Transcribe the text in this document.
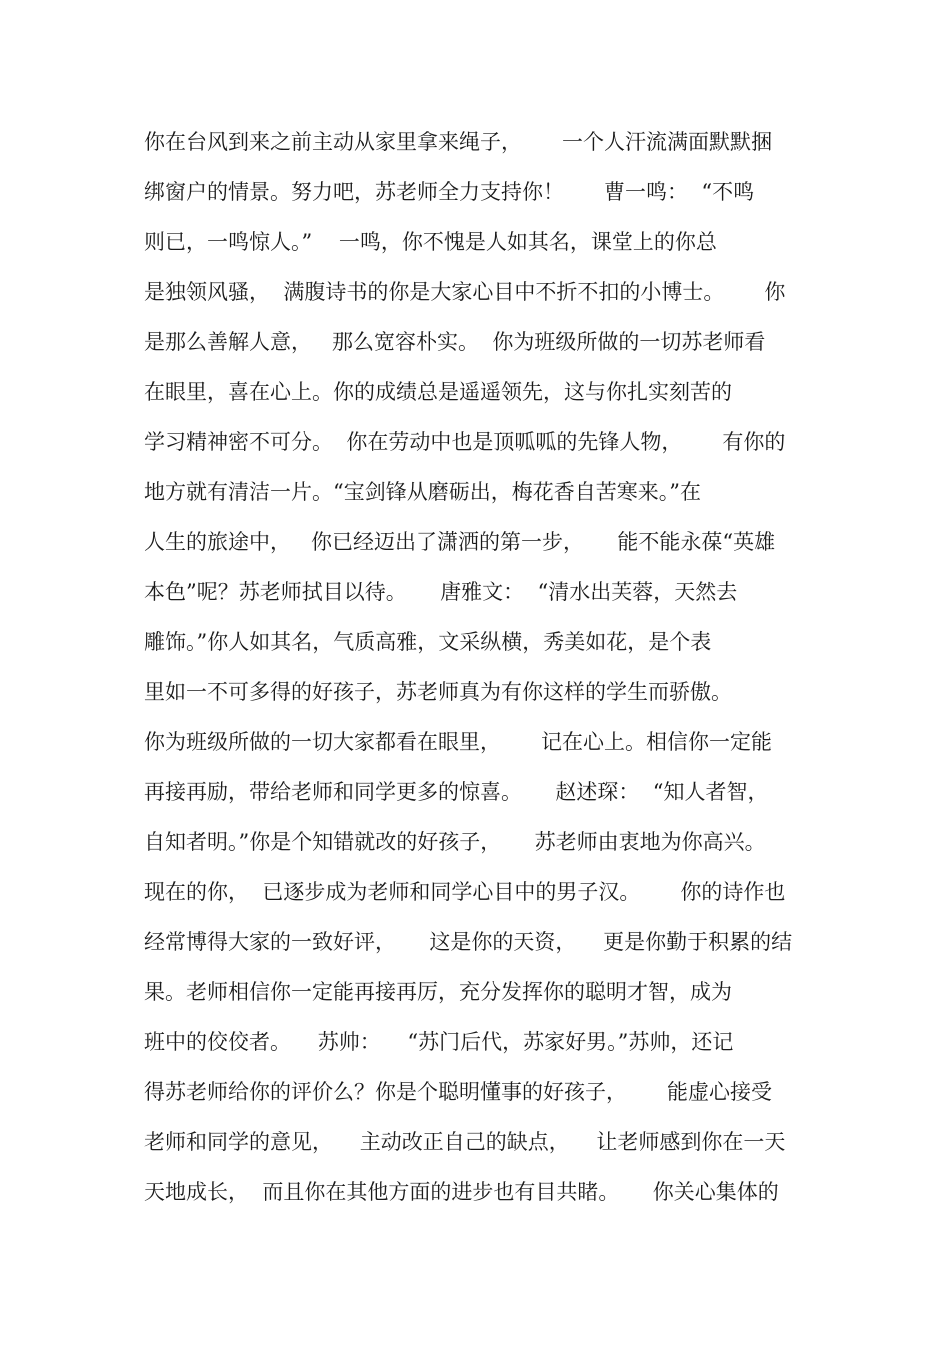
你在台风到来之前主动从家里拿来绳子，      一个人汗流满面默默捆
绑窗户的情景。努力吧，苏老师全力支持你！      曹一鸣：  “不鸣
则已，一鸣惊人。”    一鸣，你不愧是人如其名，课堂上的你总
是独领风骚，  满腹诗书的你是大家心目中不折不扣的小博士。      你
是那么善解人意，   那么宽容朴实。  你为班级所做的一切苏老师看
在眼里，喜在心上。你的成绩总是遥遥领先，这与你扎实刻苦的
学习精神密不可分。  你在劳动中也是顶呱呱的先锋人物，      有你的
地方就有清洁一片。“宝剑锋从磨砺出，梅花香自苦寒来。”在
人生的旅途中，   你已经迈出了潇洒的第一步，     能不能永葆“英雄
本色”呢？苏老师拭目以待。     唐雅文：  “清水出芙蓉，天然去
雕饰。”你人如其名，气质高雅，文采纵横，秀美如花，是个表
里如一不可多得的好孩子，苏老师真为有你这样的学生而骄傲。
你为班级所做的一切大家都看在眼里，      记在心上。相信你一定能
再接再励，带给老师和同学更多的惊喜。     赵述琛：  “知人者智，
自知者明。”你是个知错就改的好孩子，     苏老师由衷地为你高兴。
现在的你，  已逐步成为老师和同学心目中的男子汉。      你的诗作也
经常博得大家的一致好评，     这是你的天资，    更是你勤于积累的结
果。老师相信你一定能再接再厉，充分发挥你的聪明才智，成为
班中的佼佼者。    苏帅：    “苏门后代，苏家好男。”苏帅，还记
得苏老师给你的评价么？你是个聪明懂事的好孩子，      能虚心接受
老师和同学的意见，    主动改正自己的缺点，    让老师感到你在一天
天地成长，  而且你在其他方面的进步也有目共睹。     你关心集体的
